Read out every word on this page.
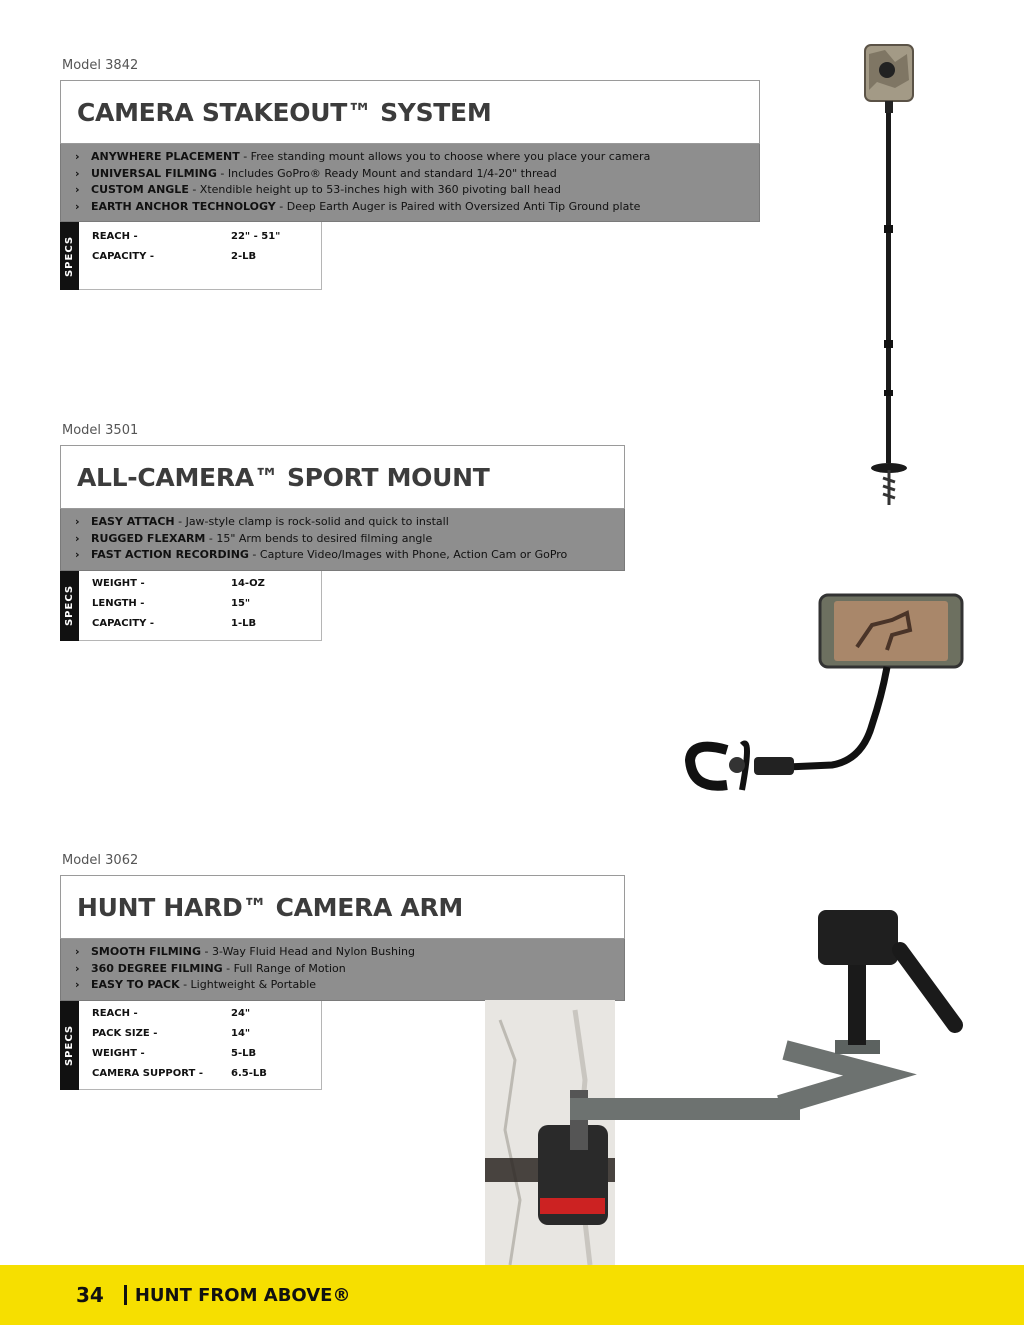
Model 3842
CAMERA STAKEOUT™ SYSTEM
› ANYWHERE PLACEMENT - Free standing mount allows you to choose where you place your camera
› UNIVERSAL FILMING - Includes GoPro® Ready Mount and standard 1/4-20" thread
› CUSTOM ANGLE - Xtendible height up to 53-inches high with 360 pivoting ball head
› EARTH ANCHOR TECHNOLOGY - Deep Earth Auger is Paired with Oversized Anti Tip Ground plate
SPECS	REACH -	22" - 51"
CAPACITY -	2-LB
Model 3501
ALL-CAMERA™ SPORT MOUNT
› EASY ATTACH - Jaw-style clamp is rock-solid and quick to install
› RUGGED FLEXARM - 15" Arm bends to desired filming angle
› FAST ACTION RECORDING - Capture Video/Images with Phone, Action Cam or GoPro
SPECS
WEIGHT -	14-OZ
LENGTH -	15"
CAPACITY -	1-LB
Model 3062
HUNT HARD™ CAMERA ARM
› SMOOTH FILMING - 3-Way Fluid Head and Nylon Bushing
› 360 DEGREE FILMING - Full Range of Motion
› EASY TO PACK - Lightweight & Portable
SPECS
REACH -	24"
PACK SIZE -	14"
WEIGHT -	5-LB
CAMERA SUPPORT -	6.5-LB
34 HUNT FROM ABOVE®
